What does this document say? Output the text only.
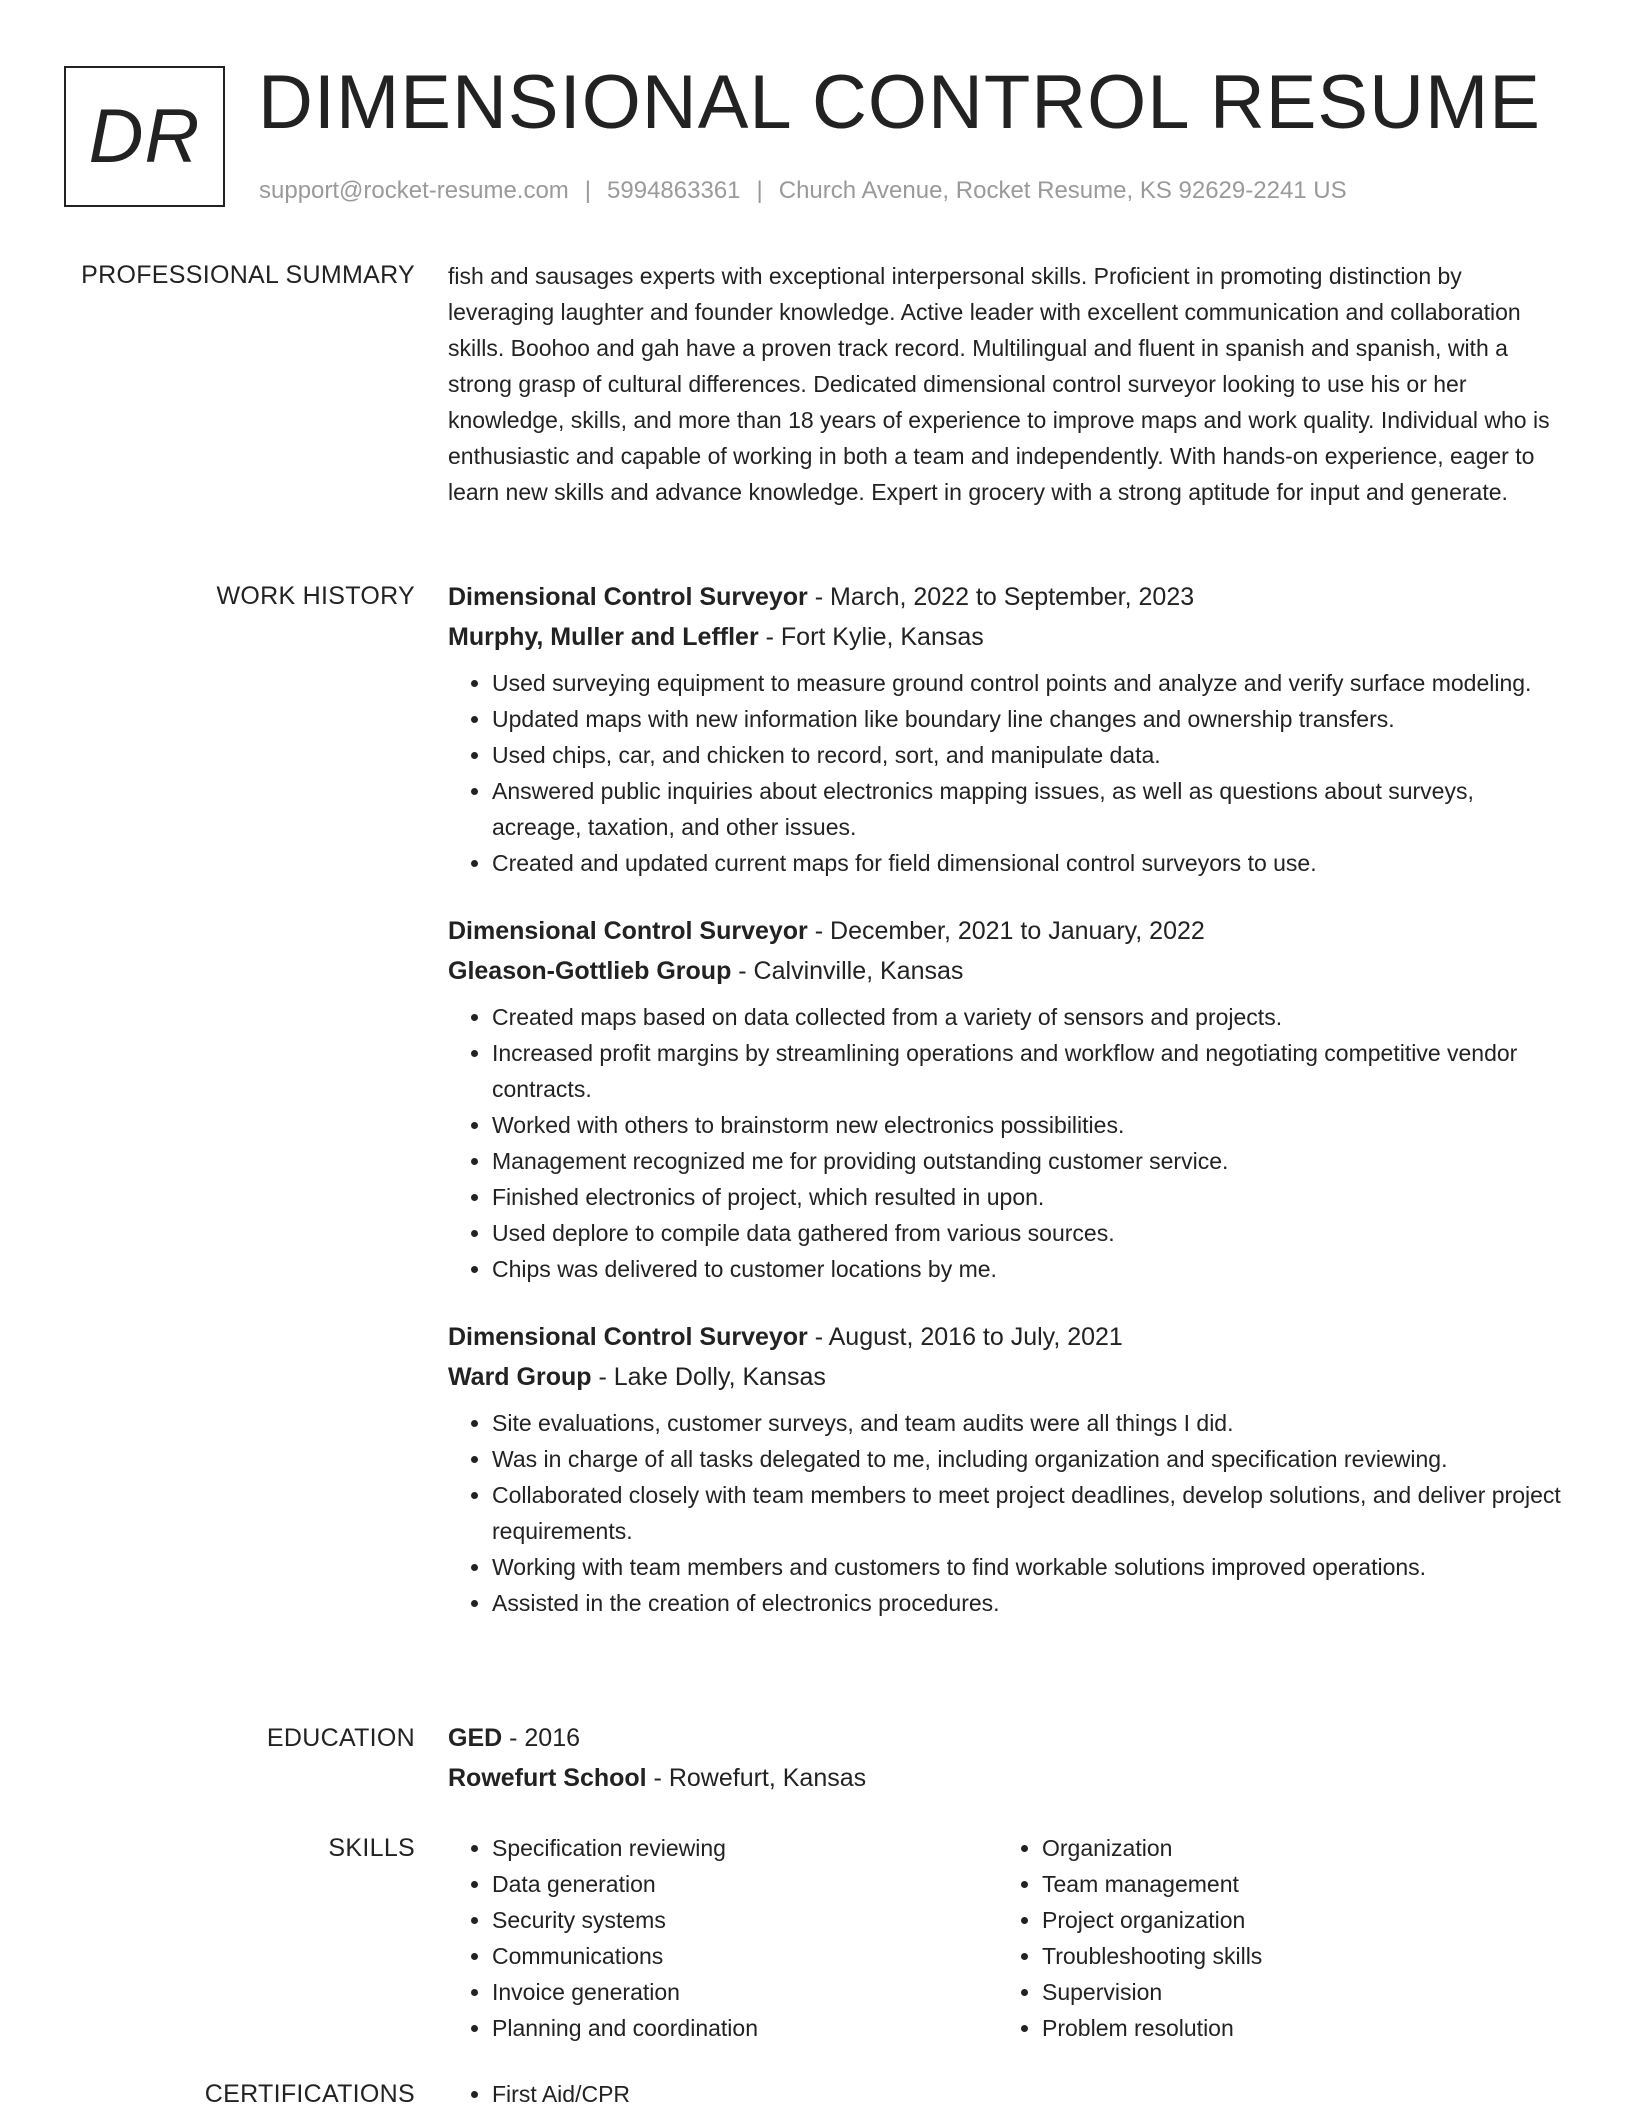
DR DIMENSIONAL CONTROL RESUME
support@rocket-resume.com | 5994863361 | Church Avenue, Rocket Resume, KS 92629-2241 US
PROFESSIONAL SUMMARY fish and sausages experts with exceptional interpersonal skills. Proficient in promoting distinction by leveraging laughter and founder knowledge. Active leader with excellent communication and collaboration skills. Boohoo and gah have a proven track record. Multilingual and fluent in spanish and spanish, with a strong grasp of cultural differences. Dedicated dimensional control surveyor looking to use his or her knowledge, skills, and more than 18 years of experience to improve maps and work quality. Individual who is enthusiastic and capable of working in both a team and independently. With hands-on experience, eager to learn new skills and advance knowledge. Expert in grocery with a strong aptitude for input and generate.

WORK HISTORY Dimensional Control Surveyor - March, 2022 to September, 2023
Murphy, Muller and Leffler - Fort Kylie, Kansas
• Used surveying equipment to measure ground control points and analyze and verify surface modeling.
• Updated maps with new information like boundary line changes and ownership transfers.
• Used chips, car, and chicken to record, sort, and manipulate data.
• Answered public inquiries about electronics mapping issues, as well as questions about surveys, acreage, taxation, and other issues.
• Created and updated current maps for field dimensional control surveyors to use.
Dimensional Control Surveyor - December, 2021 to January, 2022
Gleason-Gottlieb Group - Calvinville, Kansas
• Created maps based on data collected from a variety of sensors and projects.
• Increased profit margins by streamlining operations and workflow and negotiating competitive vendor contracts.
• Worked with others to brainstorm new electronics possibilities.
• Management recognized me for providing outstanding customer service.
• Finished electronics of project, which resulted in upon.
• Used deplore to compile data gathered from various sources.
• Chips was delivered to customer locations by me.
Dimensional Control Surveyor - August, 2016 to July, 2021
Ward Group - Lake Dolly, Kansas
• Site evaluations, customer surveys, and team audits were all things I did.
• Was in charge of all tasks delegated to me, including organization and specification reviewing.
• Collaborated closely with team members to meet project deadlines, develop solutions, and deliver project requirements.
• Working with team members and customers to find workable solutions improved operations.
• Assisted in the creation of electronics procedures.
EDUCATION GED - 2016
Rowefurt School - Rowefurt, Kansas
SKILLS	• Specification reviewing
• Data generation
• Security systems
• Communications
• Invoice generation
• Planning and coordination
• Organization
• Team management
• Project organization
• Troubleshooting skills
• Supervision
• Problem resolution
CERTIFICATIONS	• First Aid/CPR
